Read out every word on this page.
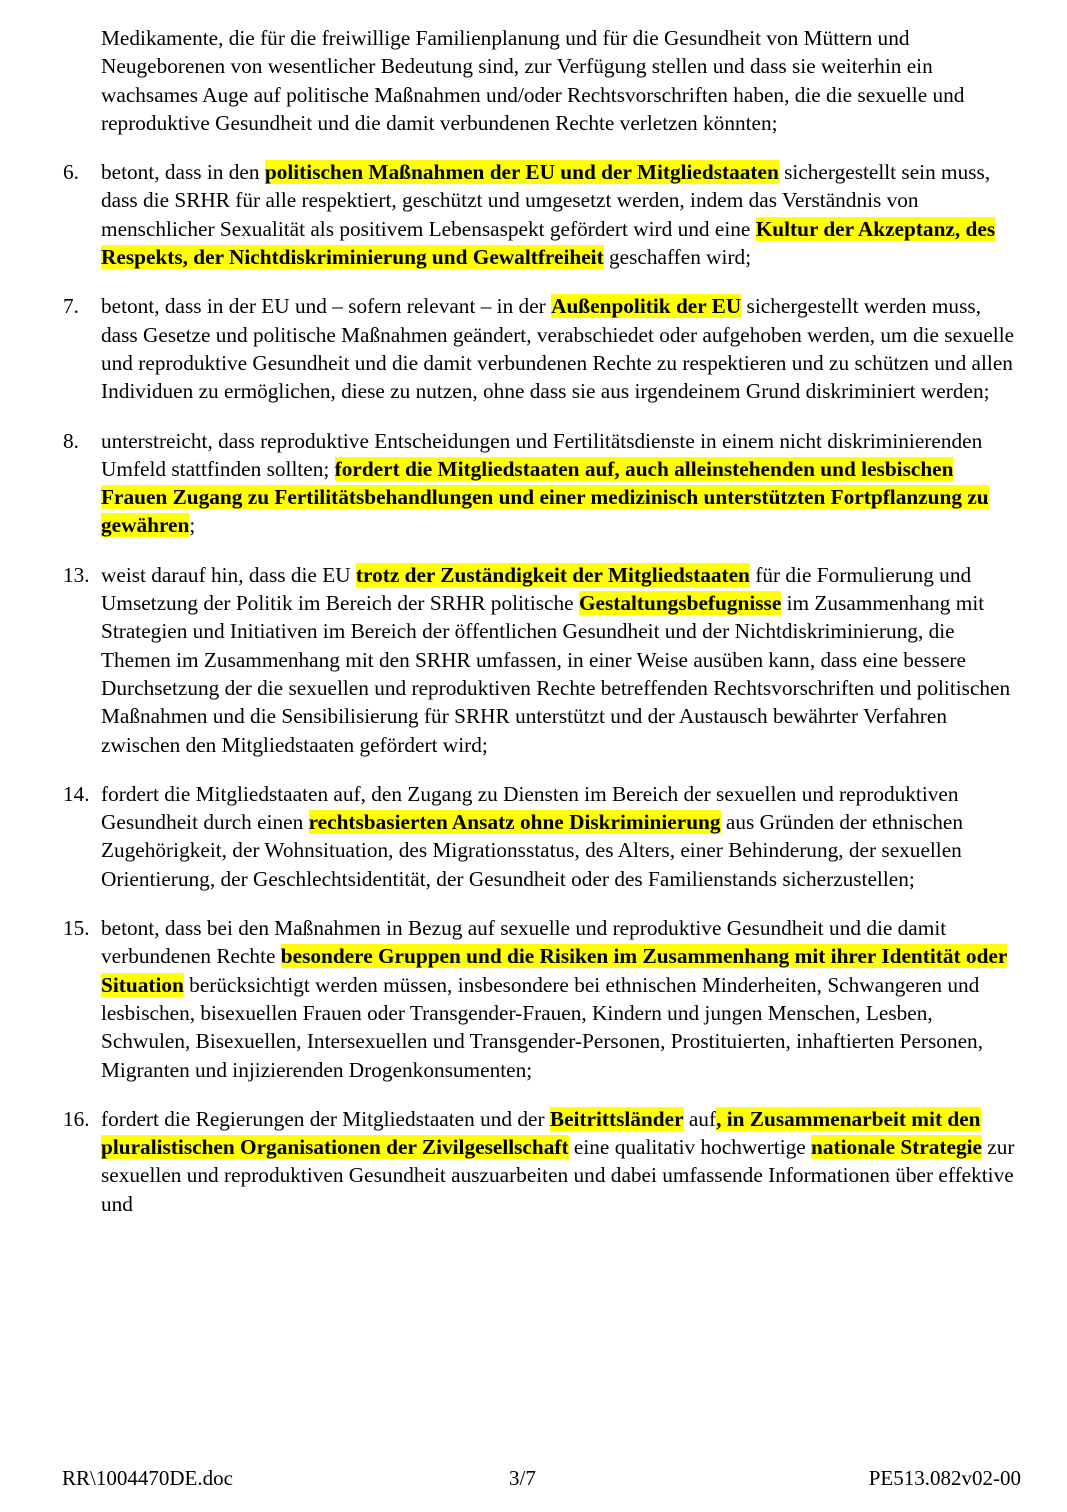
Medikamente, die für die freiwillige Familienplanung und für die Gesundheit von Müttern und Neugeborenen von wesentlicher Bedeutung sind, zur Verfügung stellen und dass sie weiterhin ein wachsames Auge auf politische Maßnahmen und/oder Rechtsvorschriften haben, die die sexuelle und reproduktive Gesundheit und die damit verbundenen Rechte verletzen könnten;

6. betont, dass in den politischen Maßnahmen der EU und der Mitgliedstaaten sichergestellt sein muss, dass die SRHR für alle respektiert, geschützt und umgesetzt werden, indem das Verständnis von menschlicher Sexualität als positivem Lebensaspekt gefördert wird und eine Kultur der Akzeptanz, des Respekts, der Nichtdiskriminierung und Gewaltfreiheit geschaffen wird;

7. betont, dass in der EU und – sofern relevant – in der Außenpolitik der EU sichergestellt werden muss, dass Gesetze und politische Maßnahmen geändert, verabschiedet oder aufgehoben werden, um die sexuelle und reproduktive Gesundheit und die damit verbundenen Rechte zu respektieren und zu schützen und allen Individuen zu ermöglichen, diese zu nutzen, ohne dass sie aus irgendeinem Grund diskriminiert werden;

8. unterstreicht, dass reproduktive Entscheidungen und Fertilitätsdienste in einem nicht diskriminierenden Umfeld stattfinden sollten; fordert die Mitgliedstaaten auf, auch alleinstehenden und lesbischen Frauen Zugang zu Fertilitätsbehandlungen und einer medizinisch unterstützten Fortpflanzung zu gewähren;

13. weist darauf hin, dass die EU trotz der Zuständigkeit der Mitgliedstaaten für die Formulierung und Umsetzung der Politik im Bereich der SRHR politische Gestaltungsbefugnisse im Zusammenhang mit Strategien und Initiativen im Bereich der öffentlichen Gesundheit und der Nichtdiskriminierung, die Themen im Zusammenhang mit den SRHR umfassen, in einer Weise ausüben kann, dass eine bessere Durchsetzung der die sexuellen und reproduktiven Rechte betreffenden Rechtsvorschriften und politischen Maßnahmen und die Sensibilisierung für SRHR unterstützt und der Austausch bewährter Verfahren zwischen den Mitgliedstaaten gefördert wird;

14. fordert die Mitgliedstaaten auf, den Zugang zu Diensten im Bereich der sexuellen und reproduktiven Gesundheit durch einen rechtsbasierten Ansatz ohne Diskriminierung aus Gründen der ethnischen Zugehörigkeit, der Wohnsituation, des Migrationsstatus, des Alters, einer Behinderung, der sexuellen Orientierung, der Geschlechtsidentität, der Gesundheit oder des Familienstands sicherzustellen;

15. betont, dass bei den Maßnahmen in Bezug auf sexuelle und reproduktive Gesundheit und die damit verbundenen Rechte besondere Gruppen und die Risiken im Zusammenhang mit ihrer Identität oder Situation berücksichtigt werden müssen, insbesondere bei ethnischen Minderheiten, Schwangeren und lesbischen, bisexuellen Frauen oder Transgender-Frauen, Kindern und jungen Menschen, Lesben, Schwulen, Bisexuellen, Intersexuellen und Transgender-Personen, Prostituierten, inhaftierten Personen, Migranten und injizierenden Drogenkonsumenten;

16. fordert die Regierungen der Mitgliedstaaten und der Beitrittsländer auf, in Zusammenarbeit mit den pluralistischen Organisationen der Zivilgesellschaft eine qualitativ hochwertige nationale Strategie zur sexuellen und reproduktiven Gesundheit auszuarbeiten und dabei umfassende Informationen über effektive und

RR\1004470DE.doc	3/7	PE513.082v02-00
